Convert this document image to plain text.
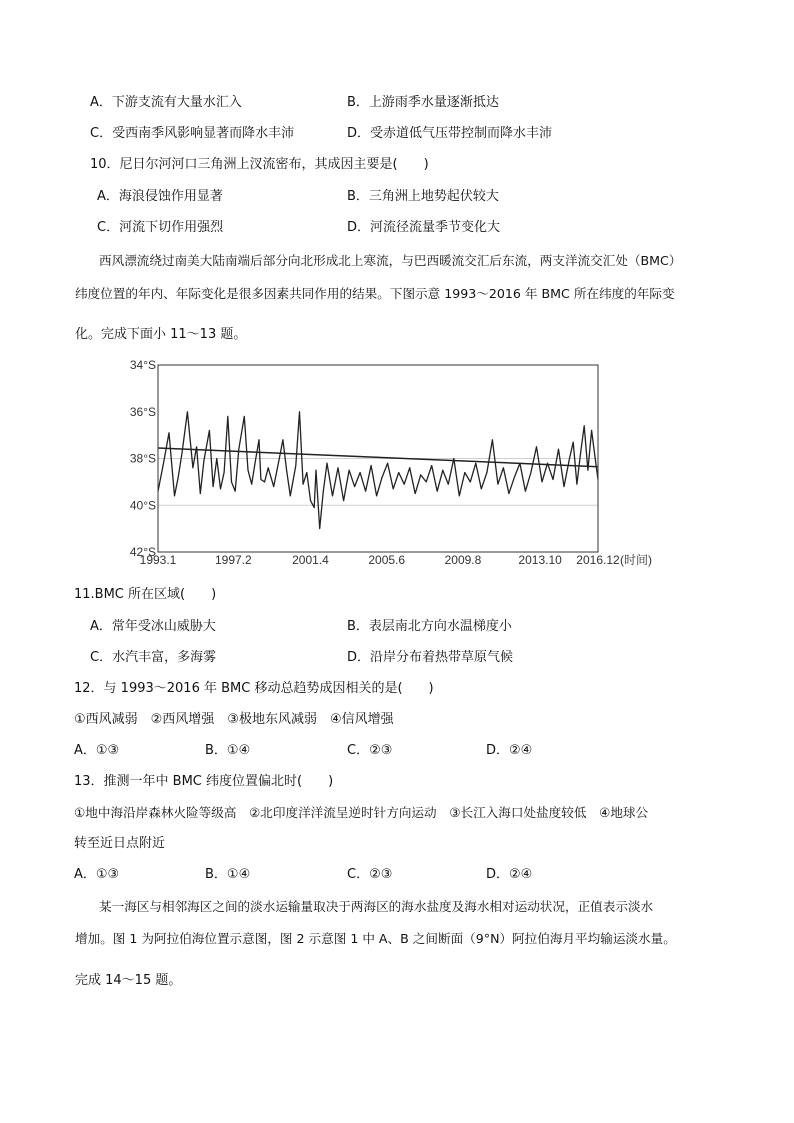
A．下游支流有大量水汇入	B．上游雨季水量逐渐抵达
C．受西南季风影响显著而降水丰沛	D．受赤道低气压带控制而降水丰沛
10．尼日尔河河口三角洲上汊流密布，其成因主要是(　　)
A．海浪侵蚀作用显著	B．三角洲上地势起伏较大
C．河流下切作用强烈	D．河流径流量季节变化大
西风漂流绕过南美大陆南端后部分向北形成北上寒流，与巴西暖流交汇后东流，两支洋流交汇处（BMC）
纬度位置的年内、年际变化是很多因素共同作用的结果。下图示意 1993～2016 年 BMC 所在纬度的年际变
化。完成下面小 11～13 题。
34°S
36°S
38°S
40°S
42°S
1993.1	1997.2	2001.4	2005.6	2009.8	2013.10 2016.12 (时间)
11.BMC 所在区域(　　)
A．常年受冰山威胁大	B．表层南北方向水温梯度小
C．水汽丰富，多海雾	D．沿岸分布着热带草原气候
12．与 1993～2016 年 BMC 移动总趋势成因相关的是(　　)
①西风减弱　②西风增强　③极地东风减弱　④信风增强
A．①③	B．①④	C．②③	D．②④
13．推测一年中 BMC 纬度位置偏北时(　　)
①地中海沿岸森林火险等级高　②北印度洋洋流呈逆时针方向运动　③长江入海口处盐度较低　④地球公
转至近日点附近
A．①③	B．①④	C．②③	D．②④
某一海区与相邻海区之间的淡水运输量取决于两海区的海水盐度及海水相对运动状况，正值表示淡水
增加。图 1 为阿拉伯海位置示意图，图 2 示意图 1 中 A、B 之间断面（9°N）阿拉伯海月平均输运淡水量。
完成 14～15 题。
